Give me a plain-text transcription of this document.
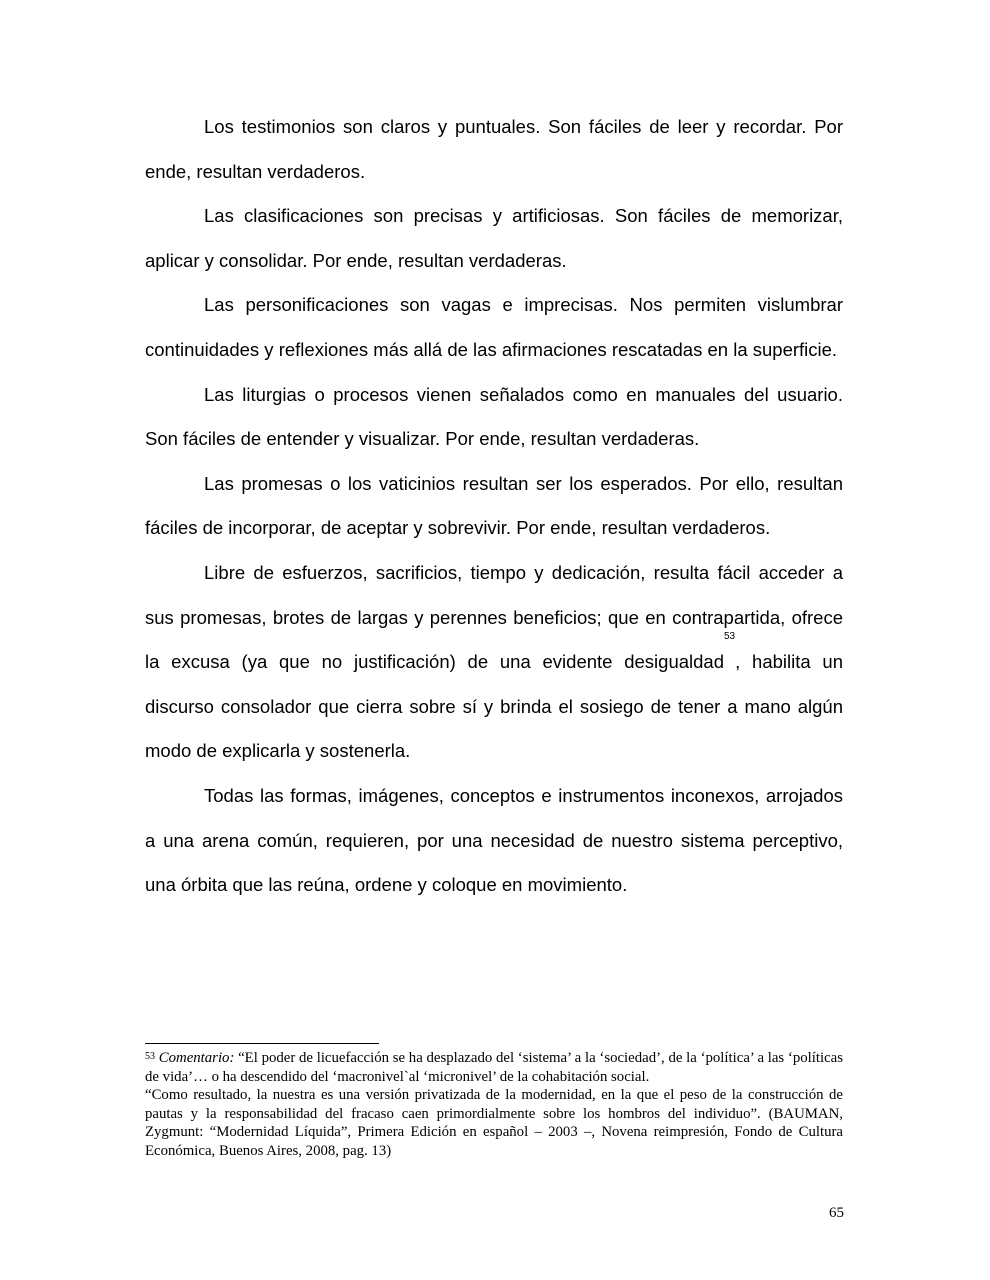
Los testimonios son claros y puntuales. Son fáciles de leer y recordar. Por ende, resultan verdaderos.

Las clasificaciones son precisas y artificiosas. Son fáciles de memorizar, aplicar y consolidar. Por ende, resultan verdaderas.

Las personificaciones son vagas e imprecisas. Nos permiten vislumbrar continuidades y reflexiones más allá de las afirmaciones rescatadas en la superficie.

Las liturgias o procesos vienen señalados como en manuales del usuario. Son fáciles de entender y visualizar. Por ende, resultan verdaderas.

Las promesas o los vaticinios resultan ser los esperados. Por ello, resultan fáciles de incorporar, de aceptar y sobrevivir. Por ende, resultan verdaderos.

Libre de esfuerzos, sacrificios, tiempo y dedicación, resulta fácil acceder a sus promesas, brotes de largas y perennes beneficios; que en contrapartida, ofrece la excusa (ya que no justificación) de una evidente desigualdad$^{53}$, habilita un discurso consolador que cierra sobre sí y brinda el sosiego de tener a mano algún modo de explicarla y sostenerla.

Todas las formas, imágenes, conceptos e instrumentos inconexos, arrojados a una arena común, requieren, por una necesidad de nuestro sistema perceptivo, una órbita que las reúna, ordene y coloque en movimiento.

$^{53}$ Comentario: “El poder de licuefacción se ha desplazado del ‘sistema’ a la ‘sociedad’, de la ‘política’ a las ‘políticas de vida’… o ha descendido del ‘macronivel`al ‘micronivel’ de la cohabitación social.

“Como resultado, la nuestra es una versión privatizada de la modernidad, en la que el peso de la construcción de pautas y la responsabilidad del fracaso caen primordialmente sobre los hombros del individuo”. (BAUMAN, Zygmunt: “Modernidad Líquida”, Primera Edición en español – 2003 –, Novena reimpresión, Fondo de Cultura Económica, Buenos Aires, 2008, pag. 13)

65
